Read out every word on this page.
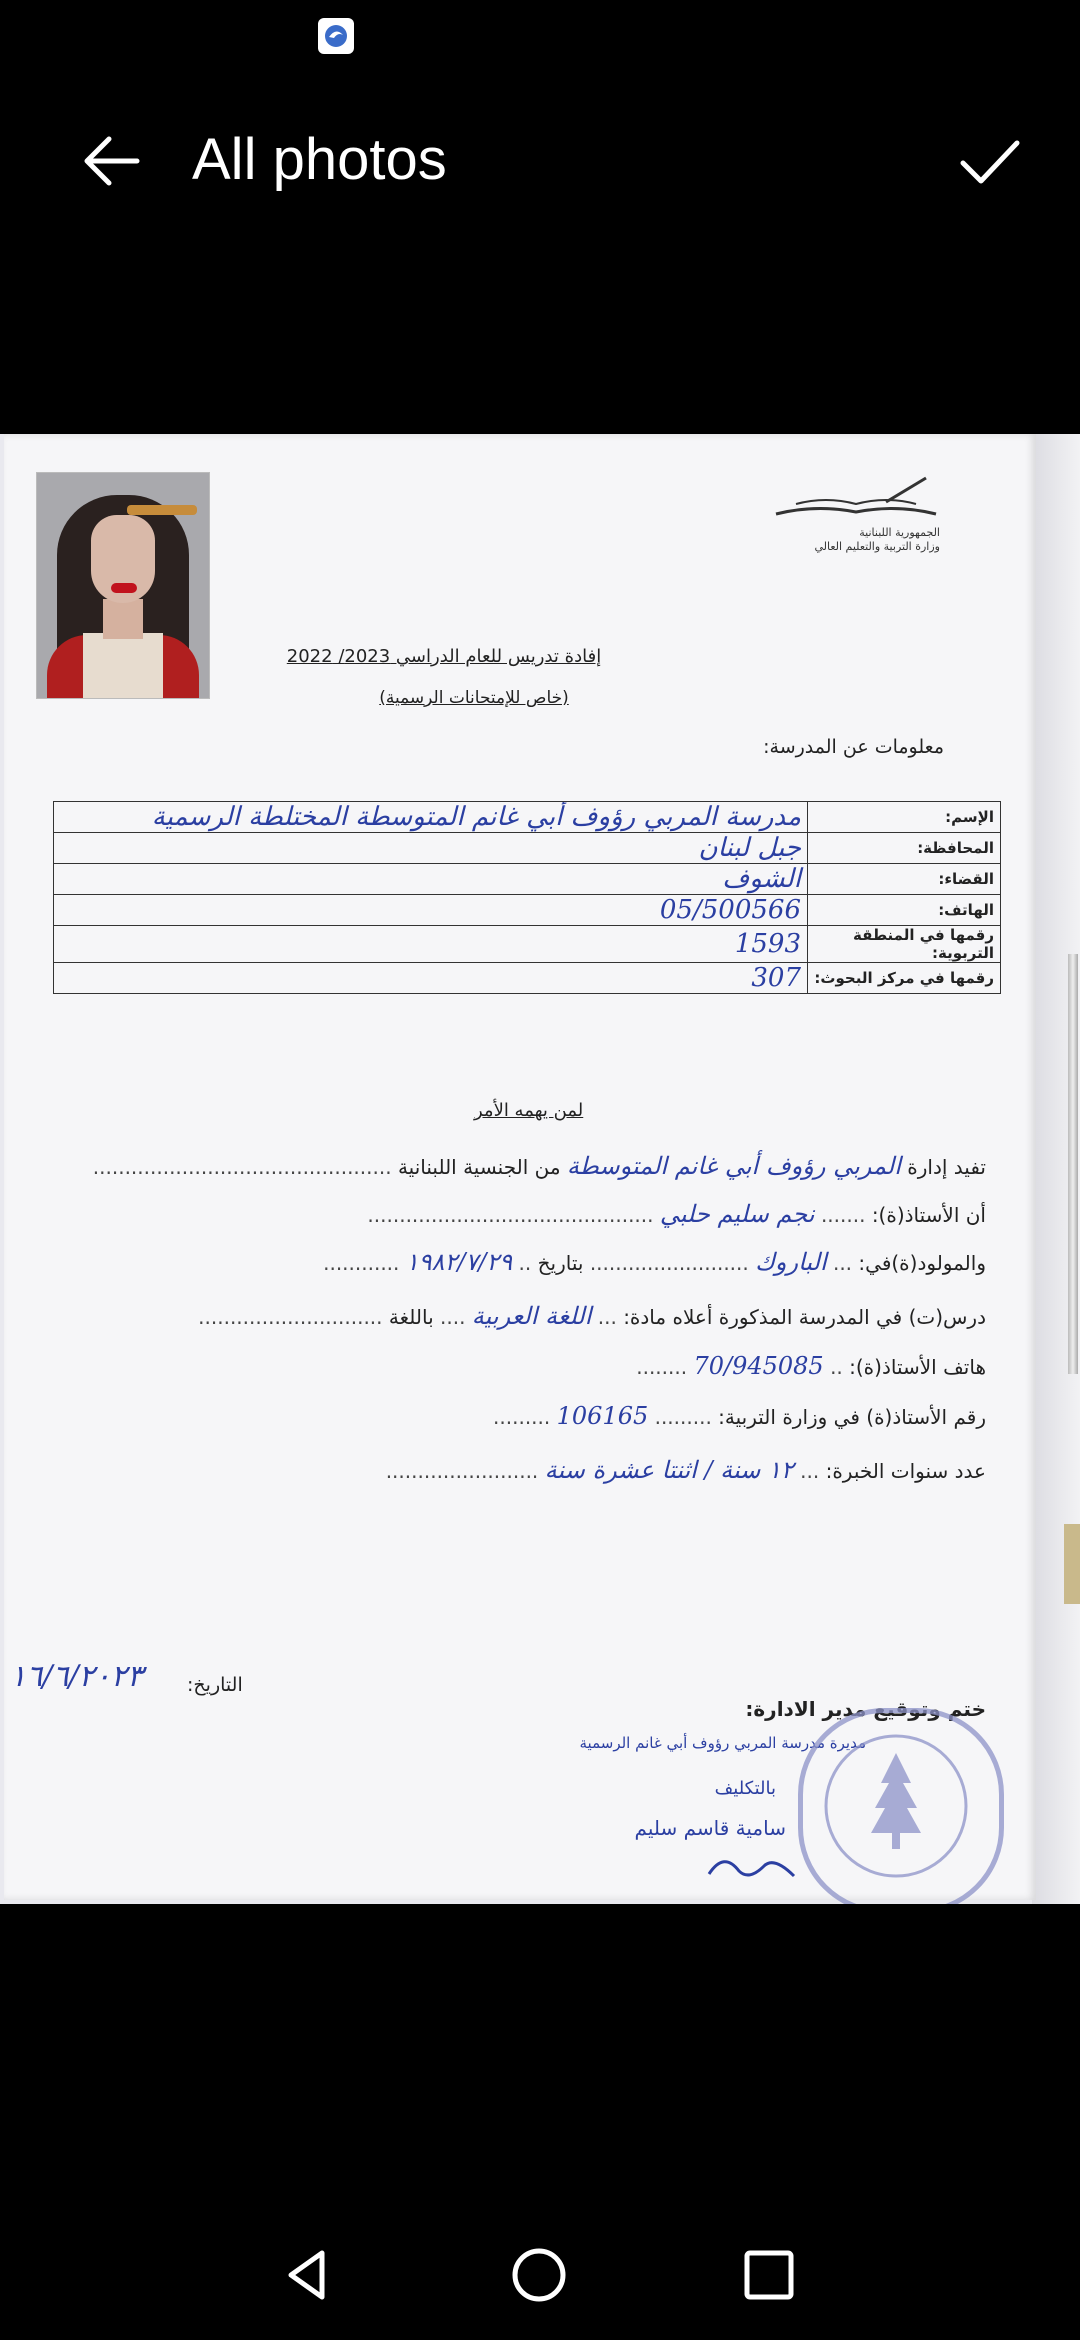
All photos
الجمهورية اللبنانية
وزارة التربية والتعليم العالي
إفادة تدريس للعام الدراسي 2023/ 2022
(خاص للإمتحانات الرسمية)
معلومات عن المدرسة:
الإسم:	مدرسة المربي رؤوف أبي غانم المتوسطة المختلطة الرسمية
المحافظة:	جبل لبنان
القضاء:	الشوف
الهاتف:	05/500566
رقمها في المنطقة التربوية:	1593
رقمها في مركز البحوث:	307
لمن يهمه الأمر
تفيد إدارة المربي رؤوف أبي غانم المتوسطة من الجنسية اللبنانية ...............................................
أن الأستاذ(ة): ....... نجم سليم حلبي .............................................
والمولود(ة)في: ... الباروك ......................... بتاريخ .. ١٩٨٢/٧/٢٩ ............
درس(ت) في المدرسة المذكورة أعلاه مادة: ... اللغة العربية .... باللغة .............................
هاتف الأستاذ(ة): .. 70/945085 ........
رقم الأستاذ(ة) في وزارة التربية: ......... 106165 .........
عدد سنوات الخبرة: ... ١٢ سنة / اثنتا عشرة سنة ........................
التاريخ:
١٦/٦/٢٠٢٣
ختم وتوقيع مدير الادارة:
مديرة مدرسة المربي رؤوف أبي غانم الرسمية
بالتكليف
سامية قاسم سليم
